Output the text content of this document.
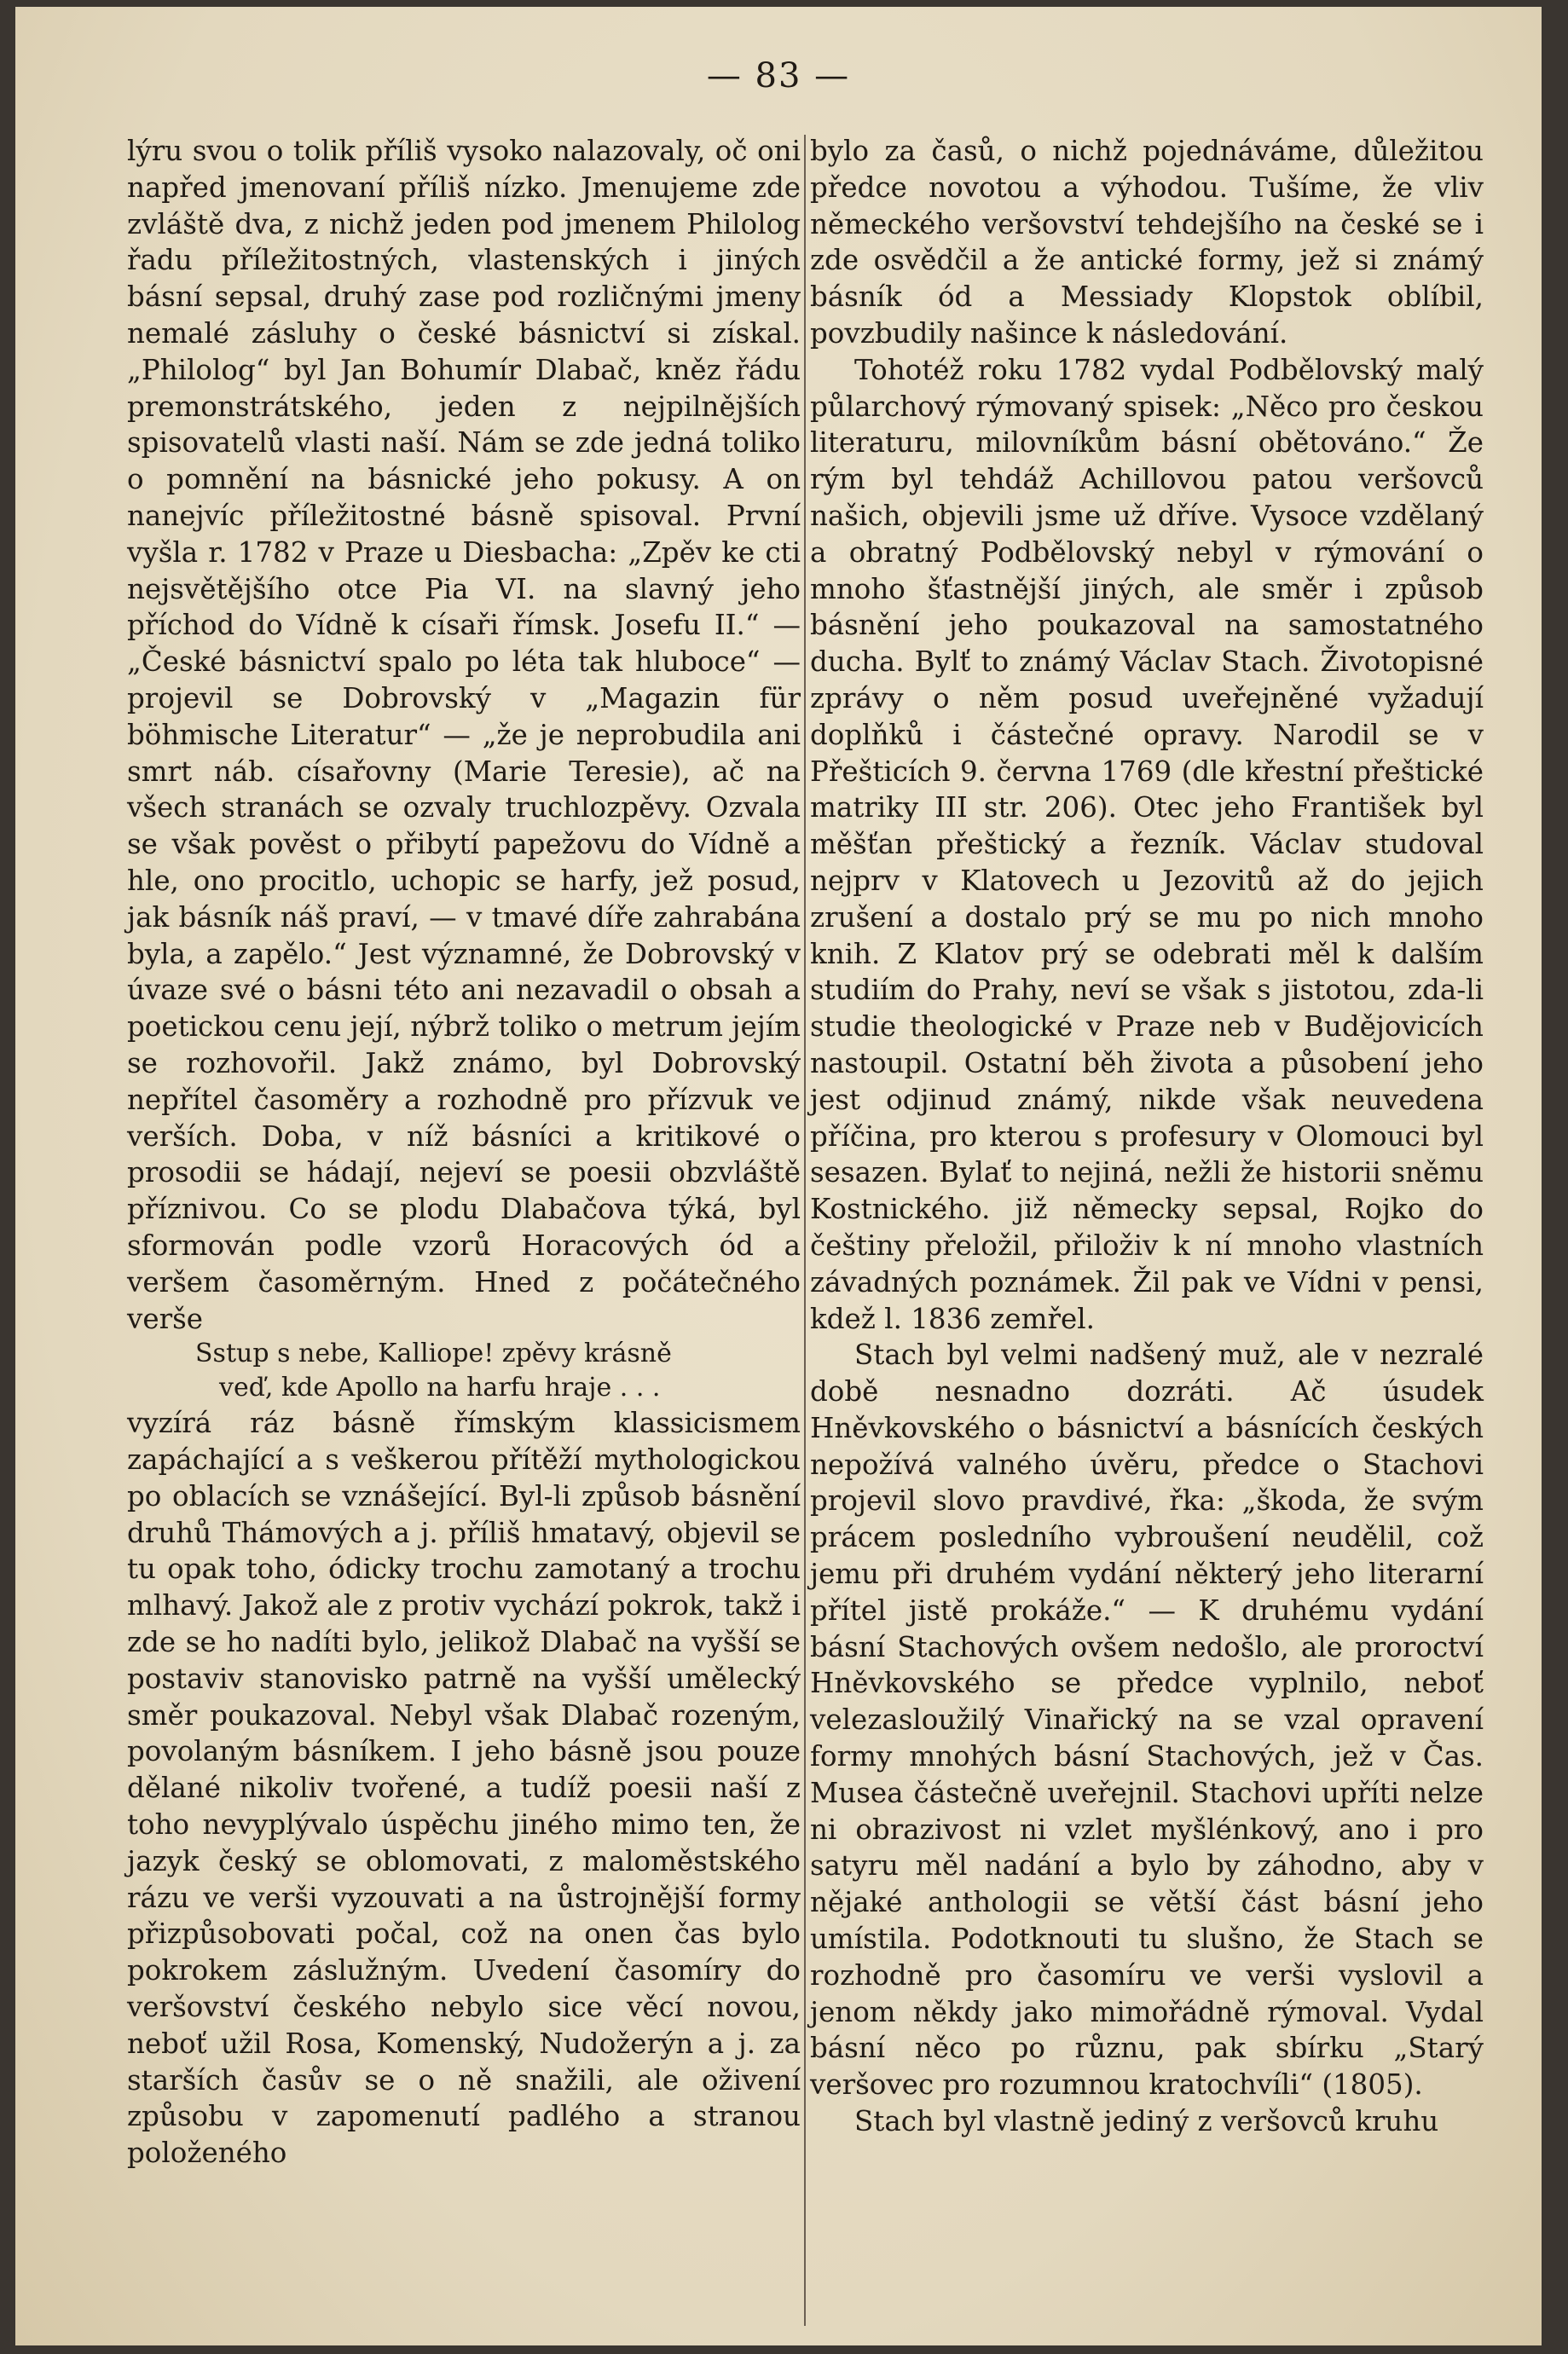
— 83 —

lýru svou o tolik příliš vysoko nalazovaly, oč oni napřed jmenovaní příliš nízko. Jmenujeme zde zvláště dva, z nichž jeden pod jmenem Philolog řadu příležitostných, vlastenských i jiných básní sepsal, druhý zase pod rozličnými jmeny nemalé zásluhy o české básnictví si získal. „Philolog“ byl Jan Bohumír Dlabač, kněz řádu premonstrátského, jeden z nejpilnějších spisovatelů vlasti naší. Nám se zde jedná toliko o pomnění na básnické jeho pokusy. A on nanejvíc příležitostné básně spisoval. První vyšla r. 1782 v Praze u Diesbacha: „Zpěv ke cti nejsvětějšího otce Pia VI. na slavný jeho příchod do Vídně k císaři římsk. Josefu II.“ — „České básnictví spalo po léta tak hluboce“ — projevil se Dobrovský v „Magazin für böhmische Literatur“ — „že je neprobudila ani smrt náb. císařovny (Marie Teresie), ač na všech stranách se ozvaly truchlozpěvy. Ozvala se však pověst o přibytí papežovu do Vídně a hle, ono procitlo, uchopic se harfy, jež posud, jak básník náš praví, — v tmavé díře zahrabána byla, a zapělo.“ Jest významné, že Dobrovský v úvaze své o básni této ani nezavadil o obsah a poetickou cenu její, nýbrž toliko o metrum jejím se rozhovořil. Jakž známo, byl Dobrovský nepřítel časoměry a rozhodně pro přízvuk ve verších. Doba, v níž básníci a kritikové o prosodii se hádají, nejeví se poesii obzvláště příznivou. Co se plodu Dlabačova týká, byl sformován podle vzorů Horacových ód a veršem časoměrným. Hned z počátečného verše

Sstup s nebe, Kalliope! zpěvy krásně
veď, kde Apollo na harfu hraje . . .

vyzírá ráz básně římským klassicismem zapáchající a s veškerou přítěží mythologickou po oblacích se vznášející. Byl-li způsob básnění druhů Thámových a j. příliš hmatavý, objevil se tu opak toho, ódicky trochu zamotaný a trochu mlhavý. Jakož ale z protiv vychází pokrok, takž i zde se ho nadíti bylo, jelikož Dlabač na vyšší se postaviv stanovisko patrně na vyšší umělecký směr poukazoval. Nebyl však Dlabač rozeným, povolaným básníkem. I jeho básně jsou pouze dělané nikoliv tvořené, a tudíž poesii naší z toho nevyplývalo úspěchu jiného mimo ten, že jazyk český se oblomovati, z maloměstského rázu ve verši vyzouvati a na ůstrojnější formy přizpůsobovati počal, což na onen čas bylo pokrokem záslužným. Uvedení časomíry do veršovství českého nebylo sice věcí novou, neboť užil Rosa, Komenský, Nudožerýn a j. za starších časův se o ně snažili, ale oživení způsobu v zapomenutí padlého a stranou položeného

bylo za časů, o nichž pojednáváme, důležitou předce novotou a výhodou. Tušíme, že vliv německého veršovství tehdejšího na české se i zde osvědčil a že antické formy, jež si známý básník ód a Messiady Klopstok oblíbil, povzbudily našince k následování.

Tohotéž roku 1782 vydal Podbělovský malý půlarchový rýmovaný spisek: „Něco pro českou literaturu, milovníkům básní obětováno.“ Že rým byl tehdáž Achillovou patou veršovců našich, objevili jsme už dříve. Vysoce vzdělaný a obratný Podbělovský nebyl v rýmování o mnoho šťastnější jiných, ale směr i způsob básnění jeho poukazoval na samostatného ducha. Bylť to známý Václav Stach. Životopisné zprávy o něm posud uveřejněné vyžadují doplňků i částečné opravy. Narodil se v Přešticích 9. června 1769 (dle křestní přeštické matriky III str. 206). Otec jeho František byl měšťan přeštický a řezník. Václav studoval nejprv v Klatovech u Jezovitů až do jejich zrušení a dostalo prý se mu po nich mnoho knih. Z Klatov prý se odebrati měl k dalším studiím do Prahy, neví se však s jistotou, zda-li studie theologické v Praze neb v Budějovicích nastoupil. Ostatní běh života a působení jeho jest odjinud známý, nikde však neuvedena příčina, pro kterou s profesury v Olomouci byl sesazen. Bylať to nejiná, nežli že historii sněmu Kostnického. již německy sepsal, Rojko do češtiny přeložil, přiloživ k ní mnoho vlastních závadných poznámek. Žil pak ve Vídni v pensi, kdež l. 1836 zemřel.

Stach byl velmi nadšený muž, ale v nezralé době nesnadno dozráti. Ač úsudek Hněvkovského o básnictví a básnících českých nepožívá valného úvěru, předce o Stachovi projevil slovo pravdivé, řka: „škoda, že svým prácem posledního vybroušení neudělil, což jemu při druhém vydání některý jeho literarní přítel jistě prokáže.“ — K druhému vydání básní Stachových ovšem nedošlo, ale proroctví Hněvkovského se předce vyplnilo, neboť velezasloužilý Vinařický na se vzal opravení formy mnohých básní Stachových, jež v Čas. Musea částečně uveřejnil. Stachovi upříti nelze ni obrazivost ni vzlet myšlénkový, ano i pro satyru měl nadání a bylo by záhodno, aby v nějaké anthologii se větší část básní jeho umístila. Podotknouti tu slušno, že Stach se rozhodně pro časomíru ve verši vyslovil a jenom někdy jako mimořádně rýmoval. Vydal básní něco po různu, pak sbírku „Starý veršovec pro rozumnou kratochvíli“ (1805).

Stach byl vlastně jediný z veršovců kruhu
